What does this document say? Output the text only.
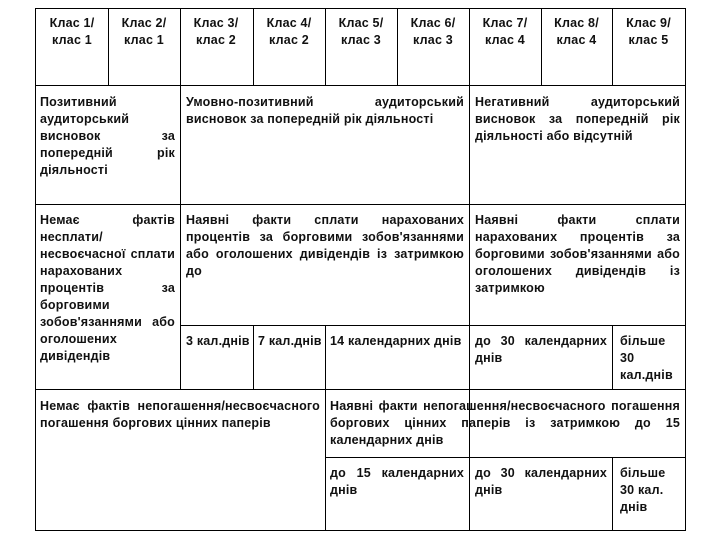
Клас 1/ клас 1
Клас 2/ клас 1
Клас 3/ клас 2
Клас 4/ клас 2
Клас 5/ клас 3
Клас 6/ клас 3
Клас 7/ клас 4
Клас 8/ клас 4
Клас 9/ клас 5
Позитивний аудиторський висновок за попередній рік діяльності
Умовно-позитивний аудиторський висновок за попередній рік діяльності
Негативний аудиторський висновок за попередній рік діяльності або відсутній
Немає фактів несплати/несвоєчасної сплати нарахованих процентів за борговими зобов'язаннями або оголошених дивідендів
Наявні факти сплати нарахованих процентів за борговими зобов'язаннями або оголошених дивідендів із затримкою до
Наявні факти сплати нарахованих процентів за борговими зобов'язаннями або оголошених дивідендів із затримкою
3 кал.днів 7 кал.днів 14 календарних днів до 30 календарних днів
більше 30 кал.днів
Немає фактів непогашення/несвоєчасного погашення боргових цінних паперів
Наявні факти непогашення/несвоєчасного погашення боргових цінних паперів із затримкою до 15 календарних днів
до 15 календарних днів
до 30 календарних днів
більше 30 кал. днів
